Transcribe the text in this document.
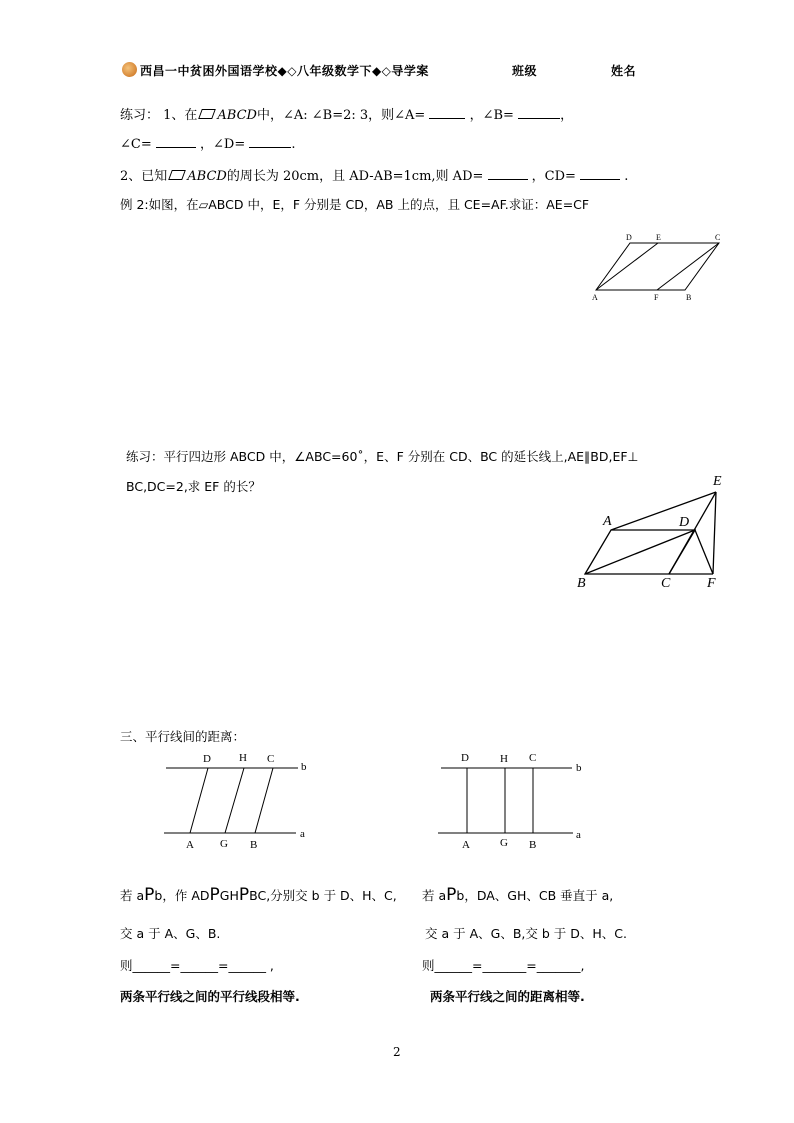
西昌一中贫困外国语学校◆◇八年级数学下◆◇导学案	班级	姓名
练习： 1、在 ABCD中，∠A: ∠B=2: 3，则∠A=	，∠B=	，
∠C=	，∠D=	.
2、已知 ABCD的周长为 20cm，且 AD-AB=1cm,则 AD=	，CD=	.
例 2:如图，在▱ABCD 中，E，F 分别是 CD，AB 上的点，且 CE=AF.求证：AE=CF
D	E	C
A	F	B
练习：平行四边形 ABCD 中，∠ABC=60˚，E、F 分别在 CD、BC 的延长线上,AE∥BD,EF⊥
BC,DC=2,求 EF 的长？	E
A	D
B	C	F
三、平行线间的距离：
D	H C
b
a
A G B
D	H C
b
a
A	G B
若 aPb，作 ADPGHPBC,分别交 b 于 D、H、C,
交 a 于 A、G、B.
则______=______=______ ,
两条平行线之间的平行线段相等.
若 aPb，DA、GH、CB 垂直于 a,
交 a 于 A、G、B,交 b 于 D、H、C.
则______=_______=_______,
两条平行线之间的距离相等.
2
